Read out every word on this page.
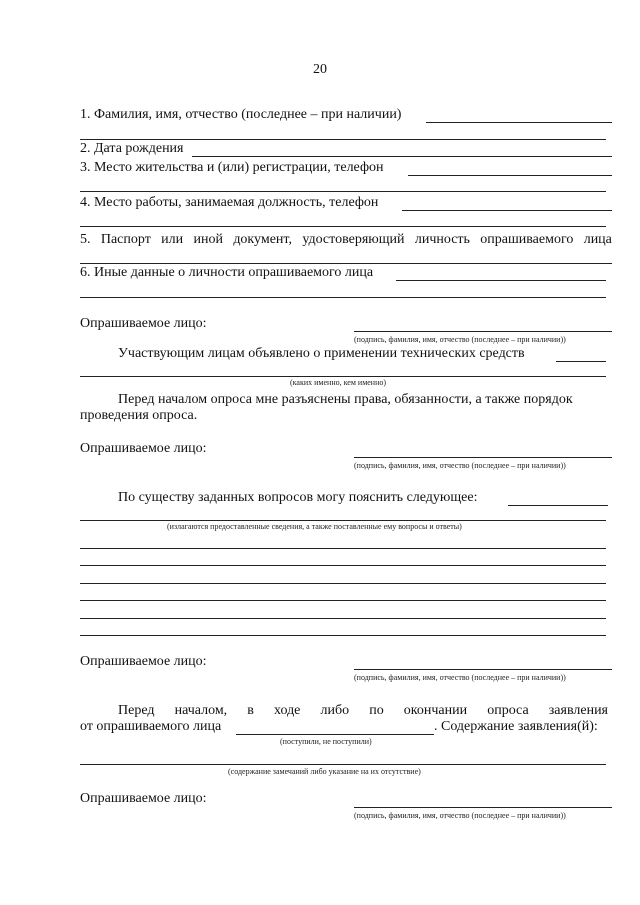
20
1. Фамилия, имя, отчество (последнее – при наличии)
2. Дата рождения
3. Место жительства и (или) регистрации, телефон
4. Место работы, занимаемая должность, телефон
5. Паспорт или иной документ, удостоверяющий личность опрашиваемого лица
6. Иные данные о личности опрашиваемого лица
Опрашиваемое лицо:
(подпись, фамилия, имя, отчество (последнее – при наличии))
Участвующим лицам объявлено о применении технических средств
(каких именно, кем именно)
Перед началом опроса мне разъяснены права, обязанности, а также порядок
проведения опроса.
Опрашиваемое лицо:
(подпись, фамилия, имя, отчество (последнее – при наличии))
По существу заданных вопросов могу пояснить следующее:
(излагаются предоставленные сведения, а также поставленные ему вопросы и ответы)
Опрашиваемое лицо:
(подпись, фамилия, имя, отчество (последнее – при наличии))
Перед началом, в ходе либо по окончании опроса заявления
от опрашиваемого лица	. Содержание заявления(й):
(поступили, не поступили)
(содержание замечаний либо указание на их отсутствие)
Опрашиваемое лицо:
(подпись, фамилия, имя, отчество (последнее – при наличии))
